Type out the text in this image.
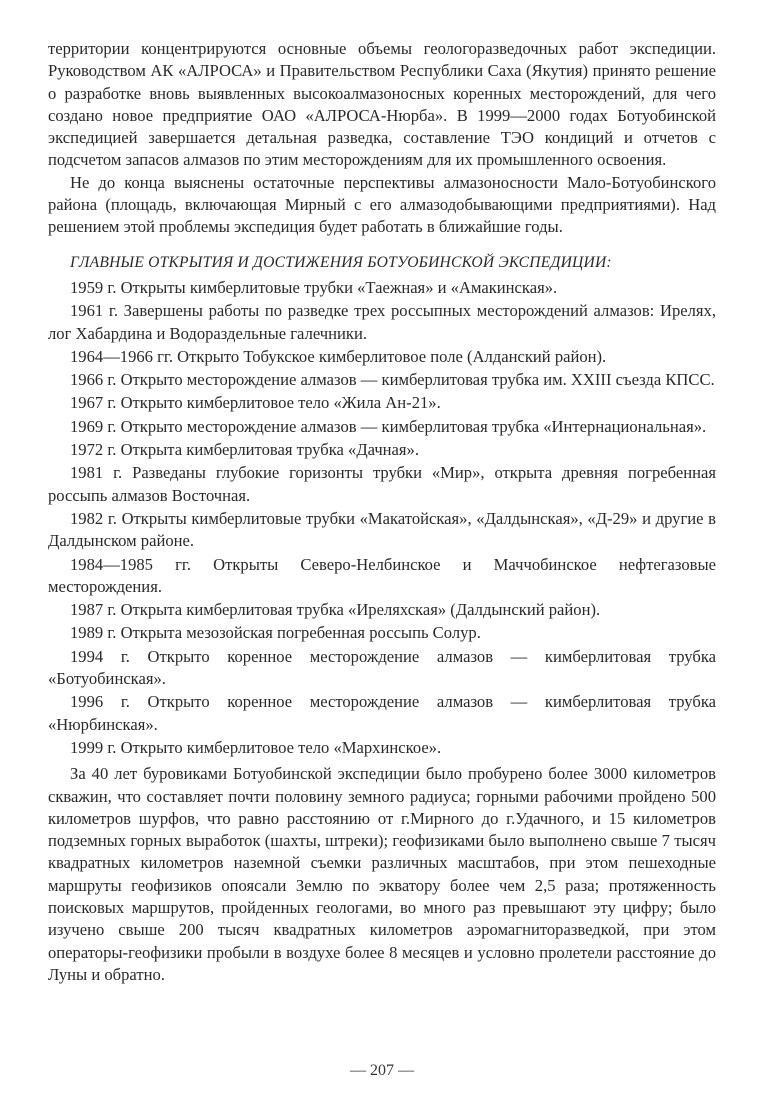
территории концентрируются основные объемы геологоразведочных работ экспедиции. Руководством АК «АЛРОСА» и Правительством Республики Саха (Якутия) принято решение о разработке вновь выявленных высокоалмазоносных коренных месторождений, для чего создано новое предприятие ОАО «АЛРОСА-Нюрба». В 1999—2000 годах Ботуобинской экспедицией завершается детальная разведка, составление ТЭО кондиций и отчетов с подсчетом запасов алмазов по этим месторождениям для их промышленного освоения.

Не до конца выяснены остаточные перспективы алмазоносности Мало-Ботуобинского района (площадь, включающая Мирный с его алмазодобывающими предприятиями). Над решением этой проблемы экспедиция будет работать в ближайшие годы.

ГЛАВНЫЕ ОТКРЫТИЯ И ДОСТИЖЕНИЯ БОТУОБИНСКОЙ ЭКСПЕДИЦИИ:

1959 г. Открыты кимберлитовые трубки «Таежная» и «Амакинская».

1961 г. Завершены работы по разведке трех россыпных месторождений алмазов: Ирелях, лог Хабардина и Водораздельные галечники.

1964—1966 гг. Открыто Тобукское кимберлитовое поле (Алданский район).

1966 г. Открыто месторождение алмазов — кимберлитовая трубка им. XXIII съезда КПСС.

1967 г. Открыто кимберлитовое тело «Жила Ан-21».

1969 г. Открыто месторождение алмазов — кимберлитовая трубка «Интернациональная».

1972 г. Открыта кимберлитовая трубка «Дачная».

1981 г. Разведаны глубокие горизонты трубки «Мир», открыта древняя погребенная россыпь алмазов Восточная.

1982 г. Открыты кимберлитовые трубки «Макатойская», «Далдынская», «Д-29» и другие в Далдынском районе.

1984—1985 гг. Открыты Северо-Нелбинское и Маччобинское нефтегазовые месторождения.

1987 г. Открыта кимберлитовая трубка «Иреляхская» (Далдынский район).

1989 г. Открыта мезозойская погребенная россыпь Солур.

1994 г. Открыто коренное месторождение алмазов — кимберлитовая трубка «Ботуобинская».

1996 г. Открыто коренное месторождение алмазов — кимберлитовая трубка «Нюрбинская».

1999 г. Открыто кимберлитовое тело «Мархинское».

За 40 лет буровиками Ботуобинской экспедиции было пробурено более 3000 километров скважин, что составляет почти половину земного радиуса; горными рабочими пройдено 500 километров шурфов, что равно расстоянию от г.Мирного до г.Удачного, и 15 километров подземных горных выработок (шахты, штреки); геофизиками было выполнено свыше 7 тысяч квадратных километров наземной съемки различных масштабов, при этом пешеходные маршруты геофизиков опоясали Землю по экватору более чем 2,5 раза; протяженность поисковых маршрутов, пройденных геологами, во много раз превышают эту цифру; было изучено свыше 200 тысяч квадратных километров аэромагниторазведкой, при этом операторы-геофизики пробыли в воздухе более 8 месяцев и условно пролетели расстояние до Луны и обратно.

— 207 —
